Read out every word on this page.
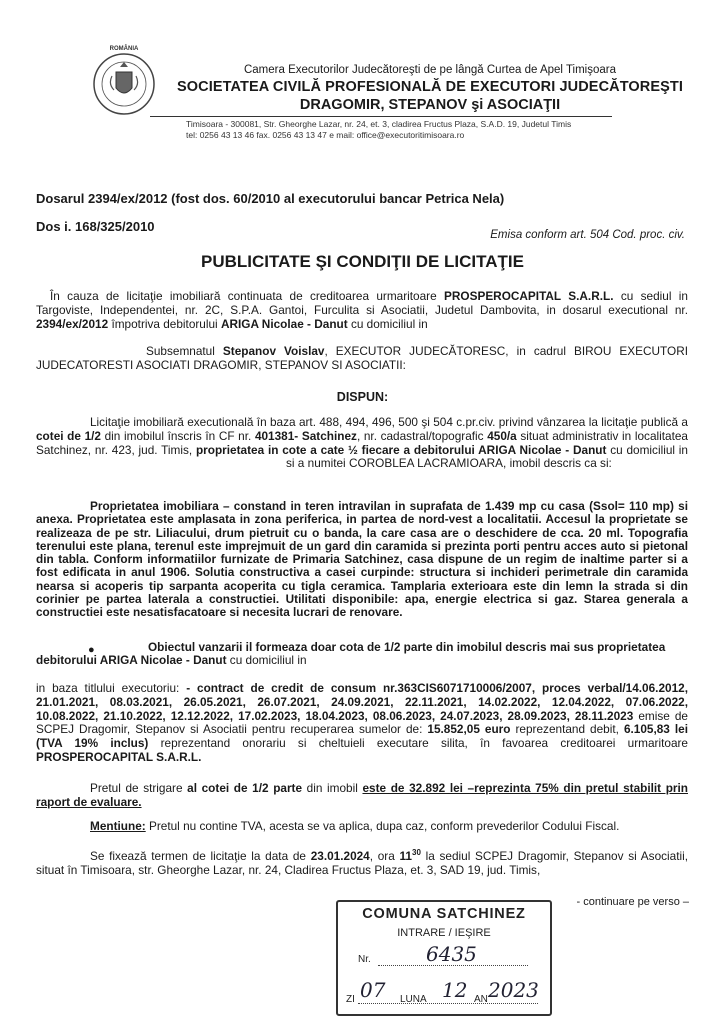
ROMÂNIA
Camera Executorilor Judecătoreşti de pe lângă Curtea de Apel Timişoara
SOCIETATEA CIVILĂ PROFESIONALĂ DE EXECUTORI JUDECĂTOREŞTI
DRAGOMIR, STEPANOV şi ASOCIAŢII
Timisoara - 300081, Str. Gheorghe Lazar, nr. 24, et. 3, cladirea Fructus Plaza, S.A.D. 19, Judetul Timis
tel: 0256 43 13 46 fax. 0256 43 13 47 e mail: office@executoritimisoara.ro
Dosarul 2394/ex/2012 (fost dos. 60/2010 al executorului bancar Petrica Nela)
Dos i. 168/325/2010
Emisa conform art. 504 Cod. proc. civ.
PUBLICITATE ŞI CONDIŢII DE LICITAŢIE
În cauza de licitaţie imobiliară continuata de creditoarea urmaritoare PROSPEROCAPITAL S.A.R.L. cu sediul in Targoviste, Independentei, nr. 2C, S.P.A. Gantoi, Furculita si Asociatii, Judetul Dambovita, in dosarul executional nr. 2394/ex/2012 împotriva debitorului ARIGA Nicolae - Danut cu domiciliul in
Subsemnatul Stepanov Voislav, EXECUTOR JUDECĂTORESC, in cadrul BIROU EXECUTORI JUDECATORESTI ASOCIATI DRAGOMIR, STEPANOV SI ASOCIATII:
DISPUN:
Licitaţie imobiliară executională în baza art. 488, 494, 496, 500 şi 504 c.pr.civ. privind vânzarea la licitaţie publică a cotei de 1/2 din imobilul înscris în CF nr. 401381- Satchinez, nr. cadastral/topografic 450/a situat administrativ in localitatea Satchinez, nr. 423, jud. Timis, proprietatea in cote a cate ½ fiecare a debitorului ARIGA Nicolae - Danut cu domiciliul in si a numitei COROBLEA LACRAMIOARA, imobil descris ca si:
Proprietatea imobiliara – constand in teren intravilan in suprafata de 1.439 mp cu casa (Ssol= 110 mp) si anexa. Proprietatea este amplasata in zona periferica, in partea de nord-vest a localitatii. Accesul la proprietate se realizeaza de pe str. Liliacului, drum pietruit cu o banda, la care casa are o deschidere de cca. 20 ml. Topografia terenului este plana, terenul este imprejmuit de un gard din caramida si prezinta porti pentru acces auto si pietonal din tabla. Conform informatiilor furnizate de Primaria Satchinez, casa dispune de un regim de inaltime parter si a fost edificata in anul 1906. Solutia constructiva a casei curpinde: structura si inchideri perimetrale din caramida nearsa si acoperis tip sarpanta acoperita cu tigla ceramica. Tamplaria exterioara este din lemn la strada si din corinier pe partea laterala a constructiei. Utilitati disponibile: apa, energie electrica si gaz. Starea generala a constructiei este nesatisfacatoare si necesita lucrari de renovare.
●	Obiectul vanzarii il formeaza doar cota de 1/2 parte din imobilul descris mai sus proprietatea
debitorului ARIGA Nicolae - Danut cu domiciliul in
in baza titlului executoriu: - contract de credit de consum nr.363CIS6071710006/2007, proces verbal/14.06.2012, 21.01.2021, 08.03.2021, 26.05.2021, 26.07.2021, 24.09.2021, 22.11.2021, 14.02.2022, 12.04.2022, 07.06.2022, 10.08.2022, 21.10.2022, 12.12.2022, 17.02.2023, 18.04.2023, 08.06.2023, 24.07.2023, 28.09.2023, 28.11.2023 emise de SCPEJ Dragomir, Stepanov si Asociatii pentru recuperarea sumelor de: 15.852,05 euro reprezentand debit, 6.105,83 lei (TVA 19% inclus) reprezentand onorariu si cheltuieli executare silita, în favoarea creditoarei urmaritoare PROSPEROCAPITAL S.A.R.L.
Pretul de strigare al cotei de 1/2 parte din imobil este de 32.892 lei –reprezinta 75% din pretul stabilit prin raport de evaluare.
Mentiune: Pretul nu contine TVA, acesta se va aplica, dupa caz, conform prevederilor Codului Fiscal.
Se fixează termen de licitaţie la data de 23.01.2024, ora $11^{30}$ la sediul SCPEJ Dragomir, Stepanov si Asociatii, situat în Timisoara, str. Gheorghe Lazar, nr. 24, Cladirea Fructus Plaza, et. 3, SAD 19, jud. Timis,
- continuare pe verso –
COMUNA SATCHINEZ
INTRARE / IEŞIRE
Nr.	6435
ZI 07 LUNA 12 AN 2023
